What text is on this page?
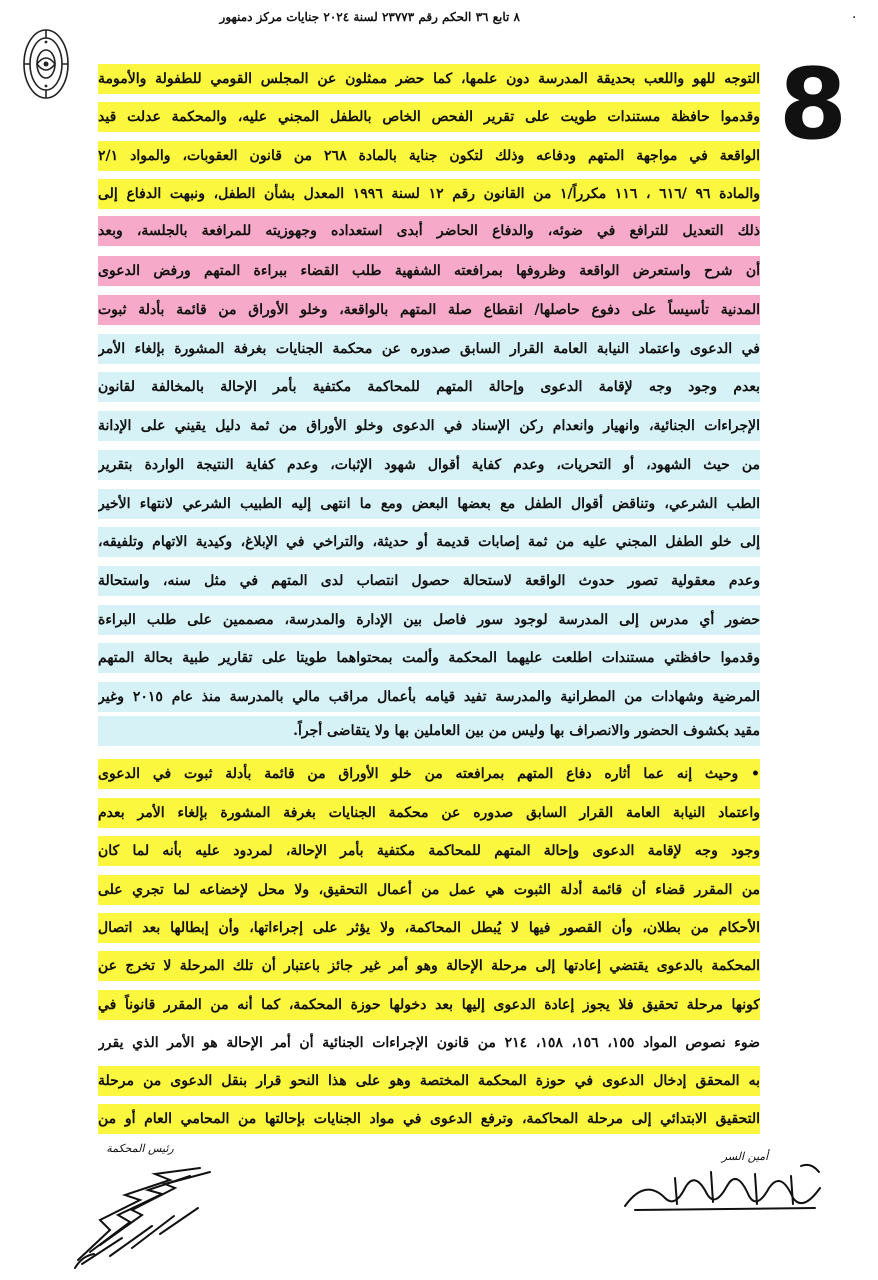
٨ تابع ٣٦ الحكم رقم ٢٣٧٧٣ لسنة ٢٠٢٤ جنايات مركز دمنهور	·
8
التوجه للهو واللعب بحديقة المدرسة دون علمها، كما حضر ممثلون عن المجلس القومي للطفولة والأمومة
وقدموا حافظة مستندات طويت على تقرير الفحص الخاص بالطفل المجني عليه، والمحكمة عدلت قيد
الواقعة في مواجهة المتهم ودفاعه وذلك لتكون جناية بالمادة ٢٦٨ من قانون العقوبات، والمواد ٢/١
والمادة ٩٦ /٦١٦ ، ١١٦ مكرراً/١ من القانون رقم ١٢ لسنة ١٩٩٦ المعدل بشأن الطفل، ونبهت الدفاع إلى
ذلك التعديل للترافع في ضوئه، والدفاع الحاضر أبدى استعداده وجهوزيته للمرافعة بالجلسة، وبعد
أن شرح واستعرض الواقعة وظروفها بمرافعته الشفهية طلب القضاء ببراءة المتهم ورفض الدعوى
المدنية تأسيساً على دفوع حاصلها/ انقطاع صلة المتهم بالواقعة، وخلو الأوراق من قائمة بأدلة ثبوت
في الدعوى واعتماد النيابة العامة القرار السابق صدوره عن محكمة الجنايات بغرفة المشورة بإلغاء الأمر
بعدم وجود وجه لإقامة الدعوى وإحالة المتهم للمحاكمة مكتفية بأمر الإحالة بالمخالفة لقانون
الإجراءات الجنائية، وانهيار وانعدام ركن الإسناد في الدعوى وخلو الأوراق من ثمة دليل يقيني على الإدانة
من حيث الشهود، أو التحريات، وعدم كفاية أقوال شهود الإثبات، وعدم كفاية النتيجة الواردة بتقرير
الطب الشرعي، وتناقض أقوال الطفل مع بعضها البعض ومع ما انتهى إليه الطبيب الشرعي لانتهاء الأخير
إلى خلو الطفل المجني عليه من ثمة إصابات قديمة أو حديثة، والتراخي في الإبلاغ، وكيدية الاتهام وتلفيقه،
وعدم معقولية تصور حدوث الواقعة لاستحالة حصول انتصاب لدى المتهم في مثل سنه، واستحالة
حضور أي مدرس إلى المدرسة لوجود سور فاصل بين الإدارة والمدرسة، مصممين على طلب البراءة
وقدموا حافظتي مستندات اطلعت عليهما المحكمة وألمت بمحتواهما طويتا على تقارير طبية بحالة المتهم
المرضية وشهادات من المطرانية والمدرسة تفيد قيامه بأعمال مراقب مالي بالمدرسة منذ عام ٢٠١٥ وغير
مقيد بكشوف الحضور والانصراف بها وليس من بين العاملين بها ولا يتقاضى أجراً.
• وحيث إنه عما أثاره دفاع المتهم بمرافعته من خلو الأوراق من قائمة بأدلة ثبوت في الدعوى
واعتماد النيابة العامة القرار السابق صدوره عن محكمة الجنايات بغرفة المشورة بإلغاء الأمر بعدم
وجود وجه لإقامة الدعوى وإحالة المتهم للمحاكمة مكتفية بأمر الإحالة، لمردود عليه بأنه لما كان
من المقرر قضاء أن قائمة أدلة الثبوت هي عمل من أعمال التحقيق، ولا محل لإخضاعه لما تجري على
الأحكام من بطلان، وأن القصور فيها لا يُبطل المحاكمة، ولا يؤثر على إجراءاتها، وأن إبطالها بعد اتصال
المحكمة بالدعوى يقتضي إعادتها إلى مرحلة الإحالة وهو أمر غير جائز باعتبار أن تلك المرحلة لا تخرج عن
كونها مرحلة تحقيق فلا يجوز إعادة الدعوى إليها بعد دخولها حوزة المحكمة، كما أنه من المقرر قانوناً في
ضوء نصوص المواد ١٥٥، ١٥٦، ١٥٨، ٢١٤ من قانون الإجراءات الجنائية أن أمر الإحالة هو الأمر الذي يقرر
به المحقق إدخال الدعوى في حوزة المحكمة المختصة وهو على هذا النحو قرار بنقل الدعوى من مرحلة
التحقيق الابتدائي إلى مرحلة المحاكمة، وترفع الدعوى في مواد الجنايات بإحالتها من المحامي العام أو من
رئيس المحكمة
أمين السر
